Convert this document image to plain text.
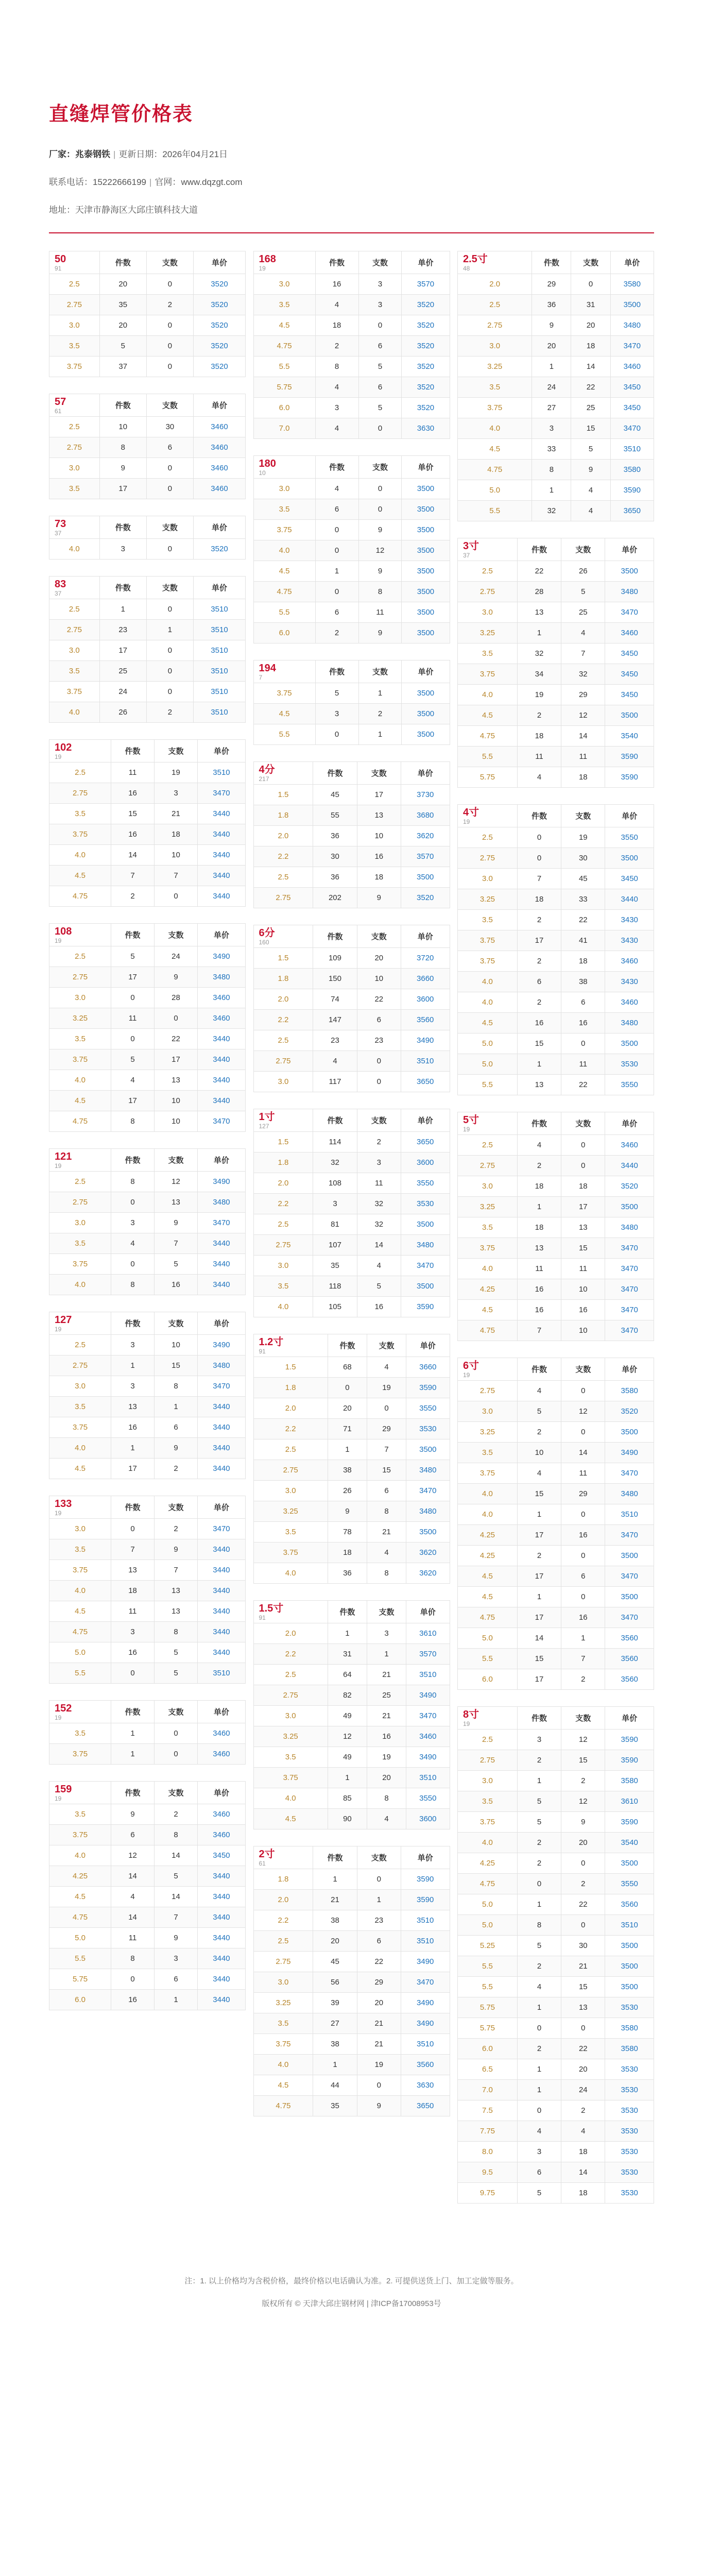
直缝焊管价格表
厂家：兆泰钢铁 | 更新日期：2026年04月21日
联系电话：15222666199 | 官网：www.dqzgt.com
地址：天津市静海区大邱庄镇科技大道
50
91	件数	支数	单价
2.5	20	0	3520
2.75	35	2	3520
3.0	20	0	3520
3.5	5	0	3520
3.75	37	0	3520
57
61	件数	支数	单价
2.5	10	30	3460
2.75	8	6	3460
3.0	9	0	3460
3.5	17	0	3460
73
37	件数	支数	单价
4.0	3	0	3520
83
37	件数	支数	单价
2.5	1	0	3510
2.75	23	1	3510
3.0	17	0	3510
3.5	25	0	3510
3.75	24	0	3510
4.0	26	2	3510
102
19	件数	支数	单价
2.5	11	19	3510
2.75	16	3	3470
3.5	15	21	3440
3.75	16	18	3440
4.0	14	10	3440
4.5	7	7	3440
4.75	2	0	3440
108
19	件数	支数	单价
2.5	5	24	3490
2.75	17	9	3480
3.0	0	28	3460
3.25	11	0	3460
3.5	0	22	3440
3.75	5	17	3440
4.0	4	13	3440
4.5	17	10	3440
4.75	8	10	3470
121
19	件数	支数	单价
2.5	8	12	3490
2.75	0	13	3480
3.0	3	9	3470
3.5	4	7	3440
3.75	0	5	3440
4.0	8	16	3440
127
19	件数	支数	单价
2.5	3	10	3490
2.75	1	15	3480
3.0	3	8	3470
3.5	13	1	3440
3.75	16	6	3440
4.0	1	9	3440
4.5	17	2	3440
133
19	件数	支数	单价
3.0	0	2	3470
3.5	7	9	3440
3.75	13	7	3440
4.0	18	13	3440
4.5	11	13	3440
4.75	3	8	3440
5.0	16	5	3440
5.5	0	5	3510
152
19	件数	支数	单价
3.5	1	0	3460
3.75	1	0	3460
159
19	件数	支数	单价
3.5	9	2	3460
3.75	6	8	3460
4.0	12	14	3450
4.25	14	5	3440
4.5	4	14	3440
4.75	14	7	3440
5.0	11	9	3440
5.5	8	3	3440
5.75	0	6	3440
6.0	16	1	3440
168
19	件数	支数	单价
3.0	16	3	3570
3.5	4	3	3520
4.5	18	0	3520
4.75	2	6	3520
5.5	8	5	3520
5.75	4	6	3520
6.0	3	5	3520
7.0	4	0	3630
180
10	件数	支数	单价
3.0	4	0	3500
3.5	6	0	3500
3.75	0	9	3500
4.0	0	12	3500
4.5	1	9	3500
4.75	0	8	3500
5.5	6	11	3500
6.0	2	9	3500
194
7	件数	支数	单价
3.75	5	1	3500
4.5	3	2	3500
5.5	0	1	3500
4分
217	件数	支数	单价
1.5	45	17	3730
1.8	55	13	3680
2.0	36	10	3620
2.2	30	16	3570
2.5	36	18	3500
2.75	202	9	3520
6分
160	件数	支数	单价
1.5	109	20	3720
1.8	150	10	3660
2.0	74	22	3600
2.2	147	6	3560
2.5	23	23	3490
2.75	4	0	3510
3.0	117	0	3650
1寸
127	件数	支数	单价
1.5	114	2	3650
1.8	32	3	3600
2.0	108	11	3550
2.2	3	32	3530
2.5	81	32	3500
2.75	107	14	3480
3.0	35	4	3470
3.5	118	5	3500
4.0	105	16	3590
1.2寸
91	件数	支数	单价
1.5	68	4	3660
1.8	0	19	3590
2.0	20	0	3550
2.2	71	29	3530
2.5	1	7	3500
2.75	38	15	3480
3.0	26	6	3470
3.25	9	8	3480
3.5	78	21	3500
3.75	18	4	3620
4.0	36	8	3620
1.5寸
91	件数	支数	单价
2.0	1	3	3610
2.2	31	1	3570
2.5	64	21	3510
2.75	82	25	3490
3.0	49	21	3470
3.25	12	16	3460
3.5	49	19	3490
3.75	1	20	3510
4.0	85	8	3550
4.5	90	4	3600
2寸
61	件数	支数	单价
1.8	1	0	3590
2.0	21	1	3590
2.2	38	23	3510
2.5	20	6	3510
2.75	45	22	3490
3.0	56	29	3470
3.25	39	20	3490
3.5	27	21	3490
3.75	38	21	3510
4.0	1	19	3560
4.5	44	0	3630
4.75	35	9	3650
2.5寸
48	件数	支数	单价
2.0	29	0	3580
2.5	36	31	3500
2.75	9	20	3480
3.0	20	18	3470
3.25	1	14	3460
3.5	24	22	3450
3.75	27	25	3450
4.0	3	15	3470
4.5	33	5	3510
4.75	8	9	3580
5.0	1	4	3590
5.5	32	4	3650
3寸
37	件数	支数	单价
2.5	22	26	3500
2.75	28	5	3480
3.0	13	25	3470
3.25	1	4	3460
3.5	32	7	3450
3.75	34	32	3450
4.0	19	29	3450
4.5	2	12	3500
4.75	18	14	3540
5.5	11	11	3590
5.75	4	18	3590
4寸
19	件数	支数	单价
2.5	0	19	3550
2.75	0	30	3500
3.0	7	45	3450
3.25	18	33	3440
3.5	2	22	3430
3.75	17	41	3430
3.75	2	18	3460
4.0	6	38	3430
4.0	2	6	3460
4.5	16	16	3480
5.0	15	0	3500
5.0	1	11	3530
5.5	13	22	3550
5寸
19	件数	支数	单价
2.5	4	0	3460
2.75	2	0	3440
3.0	18	18	3520
3.25	1	17	3500
3.5	18	13	3480
3.75	13	15	3470
4.0	11	11	3470
4.25	16	10	3470
4.5	16	16	3470
4.75	7	10	3470
6寸
19	件数	支数	单价
2.75	4	0	3580
3.0	5	12	3520
3.25	2	0	3500
3.5	10	14	3490
3.75	4	11	3470
4.0	15	29	3480
4.0	1	0	3510
4.25	17	16	3470
4.25	2	0	3500
4.5	17	6	3470
4.5	1	0	3500
4.75	17	16	3470
5.0	14	1	3560
5.5	15	7	3560
6.0	17	2	3560
8寸
19	件数	支数	单价
2.5	3	12	3590
2.75	2	15	3590
3.0	1	2	3580
3.5	5	12	3610
3.75	5	9	3590
4.0	2	20	3540
4.25	2	0	3500
4.75	0	2	3550
5.0	1	22	3560
5.0	8	0	3510
5.25	5	30	3500
5.5	2	21	3500
5.5	4	15	3500
5.75	1	13	3530
5.75	0	0	3580
6.0	2	22	3580
6.5	1	20	3530
7.0	1	24	3530
7.5	0	2	3530
7.75	4	4	3530
8.0	3	18	3530
9.5	6	14	3530
9.75	5	18	3530

注：1. 以上价格均为含税价格，最终价格以电话确认为准。2. 可提供送货上门、加工定做等服务。

版权所有 © 天津大邱庄钢材网 | 津ICP备17008953号
